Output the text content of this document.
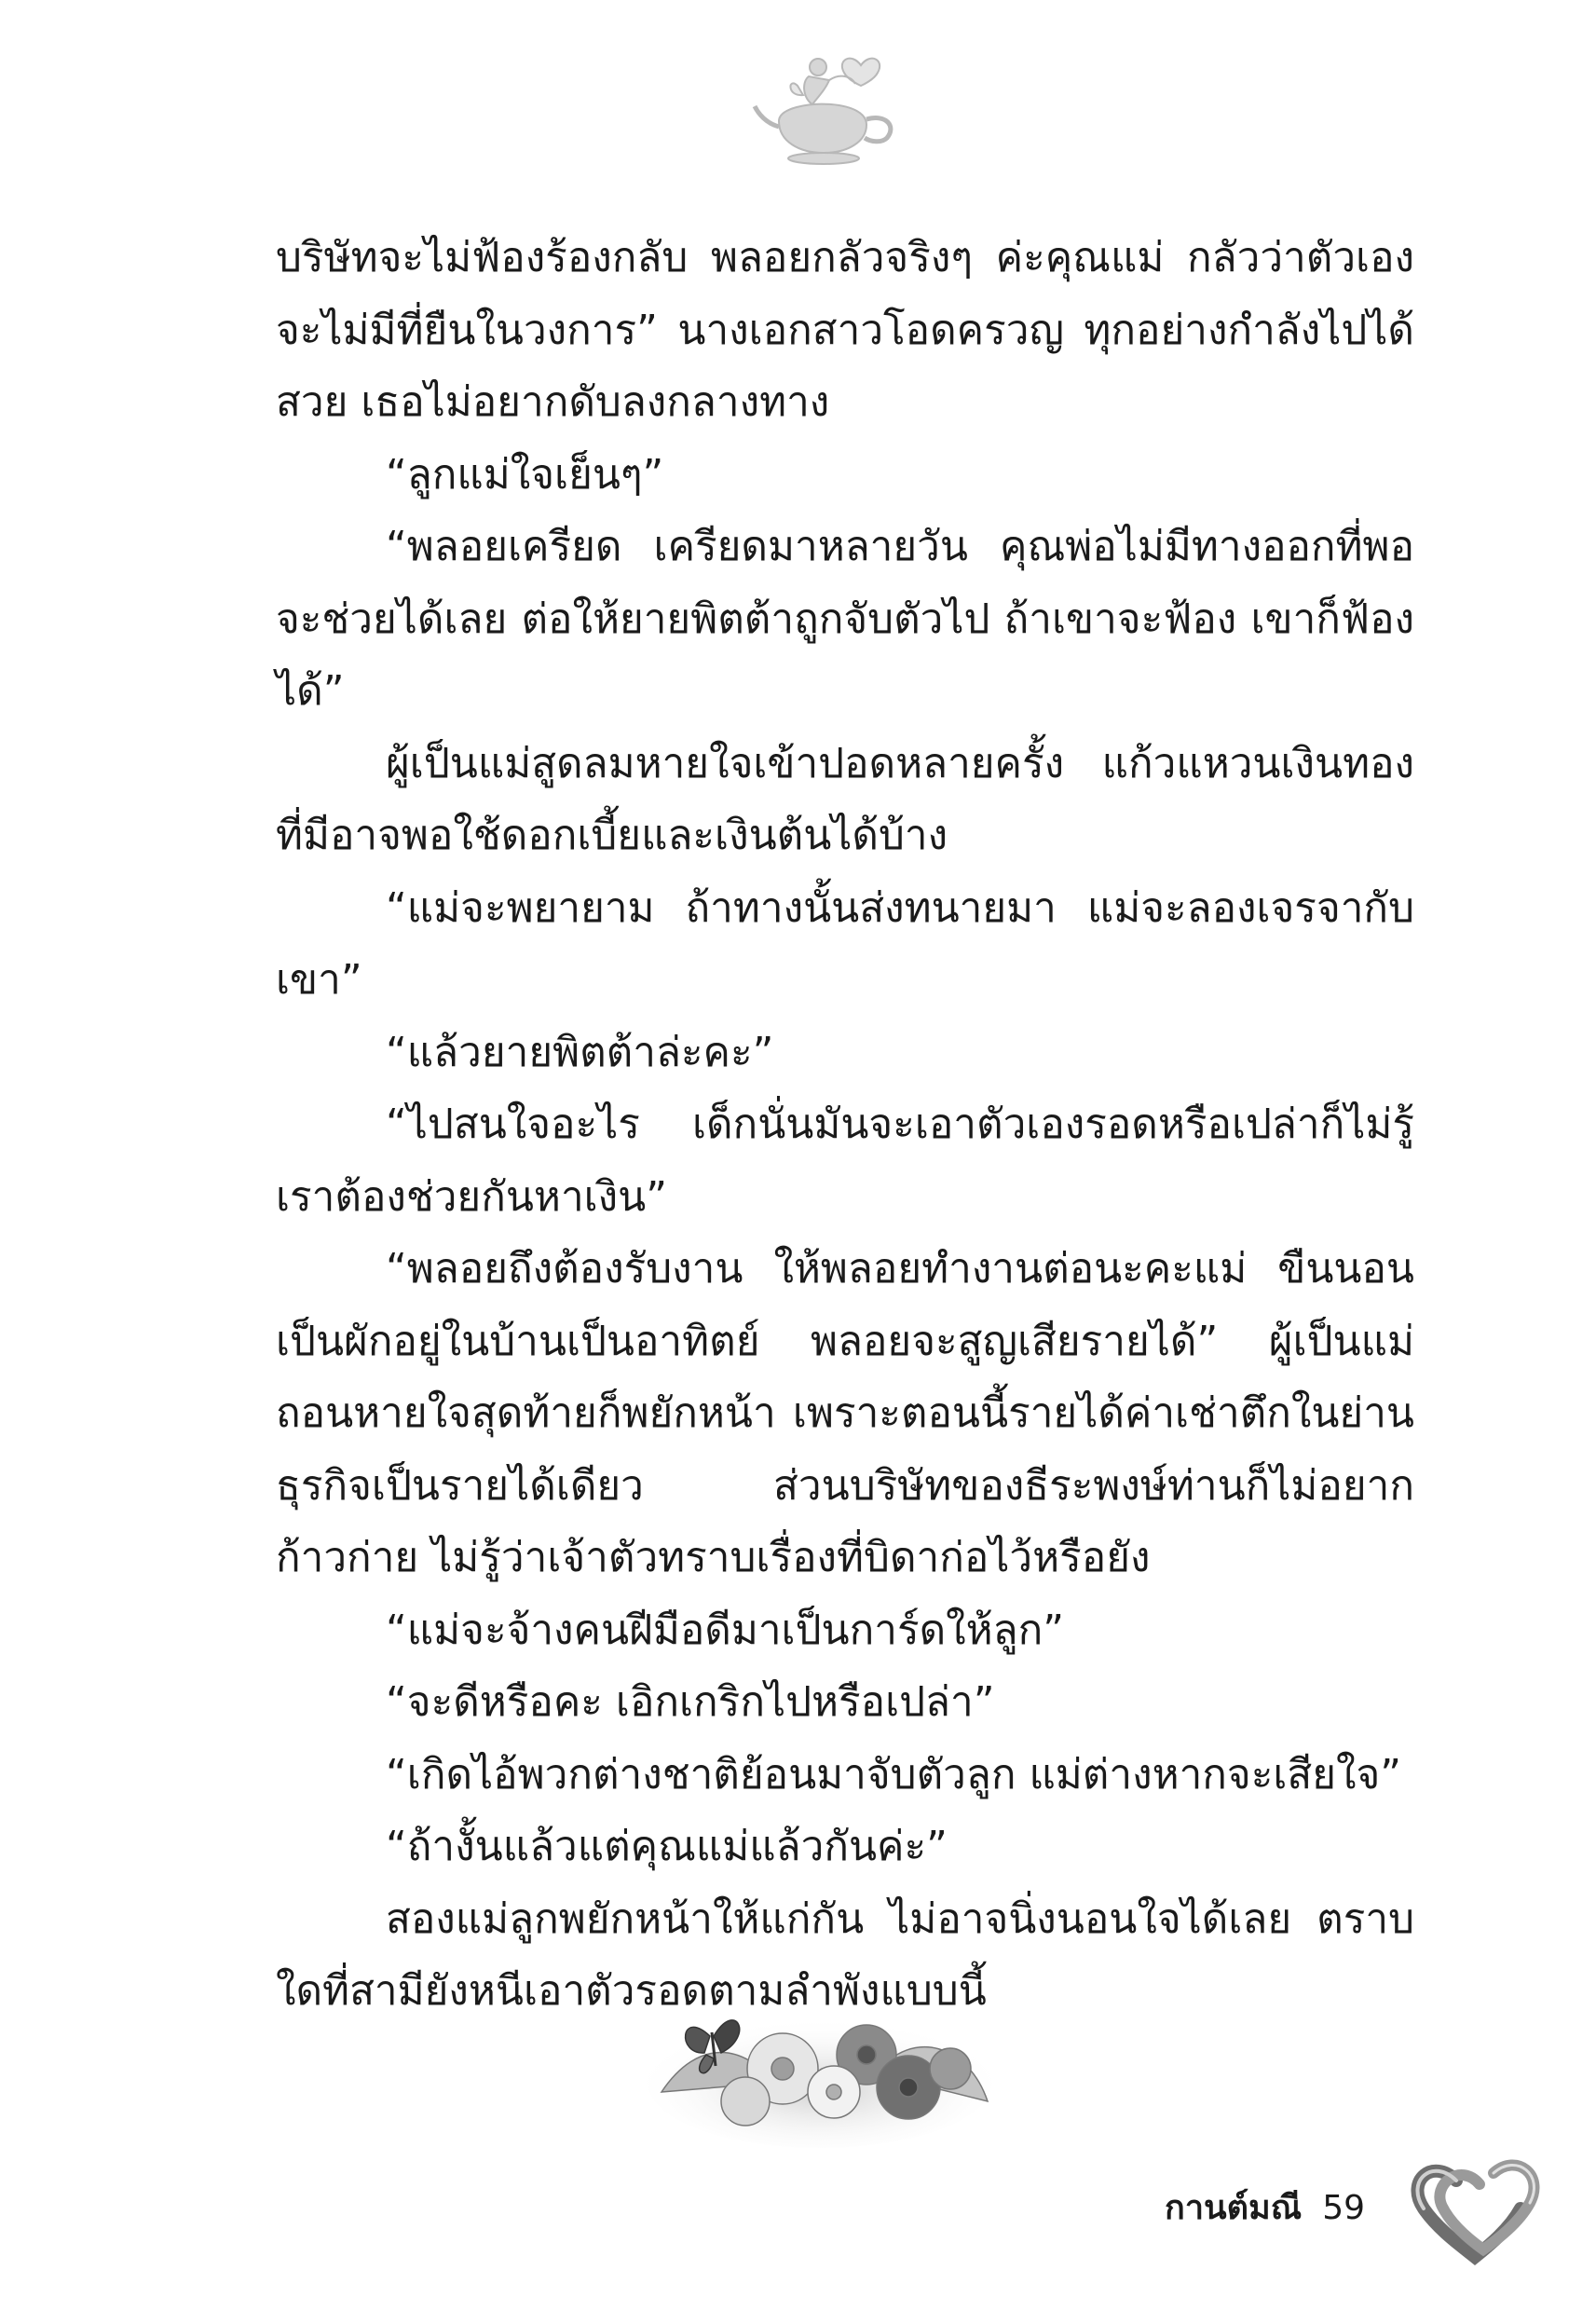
บริษัทจะไม่ฟ้องร้องกลับ พลอยกลัวจริงๆ ค่ะคุณแม่ กลัวว่าตัวเองจะไม่มีที่ยืนในวงการ” นางเอกสาวโอดครวญ ทุกอย่างกำลังไปได้สวย เธอไม่อยากดับลงกลางทาง

“ลูกแม่ใจเย็นๆ”

“พลอยเครียด เครียดมาหลายวัน คุณพ่อไม่มีทางออกที่พอจะช่วยได้เลย ต่อให้ยายพิตต้าถูกจับตัวไป ถ้าเขาจะฟ้อง เขาก็ฟ้องได้”

ผู้เป็นแม่สูดลมหายใจเข้าปอดหลายครั้ง แก้วแหวนเงินทองที่มีอาจพอใช้ดอกเบี้ยและเงินต้นได้บ้าง

“แม่จะพยายาม ถ้าทางนั้นส่งทนายมา แม่จะลองเจรจากับเขา”

“แล้วยายพิตต้าล่ะคะ”

“ไปสนใจอะไร เด็กนั่นมันจะเอาตัวเองรอดหรือเปล่าก็ไม่รู้ เราต้องช่วยกันหาเงิน”

“พลอยถึงต้องรับงาน ให้พลอยทำงานต่อนะคะแม่ ขืนนอนเป็นผักอยู่ในบ้านเป็นอาทิตย์ พลอยจะสูญเสียรายได้” ผู้เป็นแม่ถอนหายใจสุดท้ายก็พยักหน้า เพราะตอนนี้รายได้ค่าเช่าตึกในย่านธุรกิจเป็นรายได้เดียว ส่วนบริษัทของธีระพงษ์ท่านก็ไม่อยากก้าวก่าย ไม่รู้ว่าเจ้าตัวทราบเรื่องที่บิดาก่อไว้หรือยัง

“แม่จะจ้างคนฝีมือดีมาเป็นการ์ดให้ลูก”

“จะดีหรือคะ เอิกเกริกไปหรือเปล่า”

“เกิดไอ้พวกต่างชาติย้อนมาจับตัวลูก แม่ต่างหากจะเสียใจ”

“ถ้างั้นแล้วแต่คุณแม่แล้วกันค่ะ”

สองแม่ลูกพยักหน้าให้แก่กัน ไม่อาจนิ่งนอนใจได้เลย ตราบใดที่สามียังหนีเอาตัวรอดตามลำพังแบบนี้

กานต์มณี 59
